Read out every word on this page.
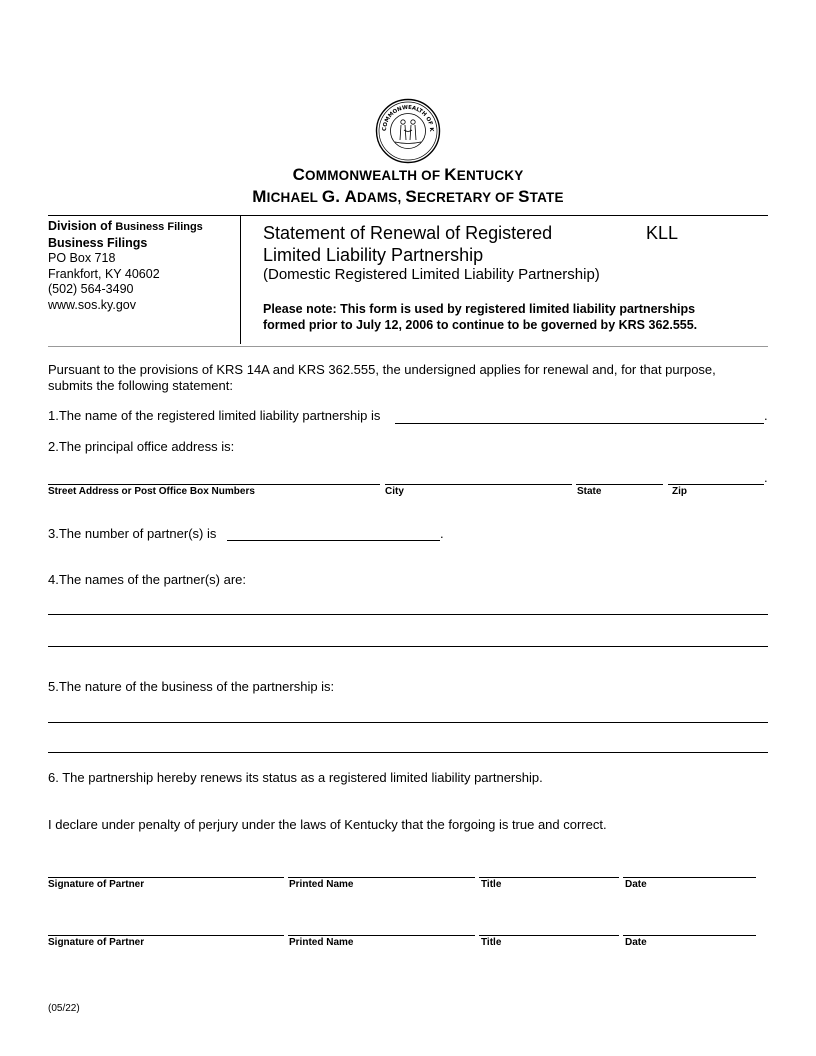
COMMONWEALTH OF K
COMMONWEALTH OF KENTUCKY
MICHAEL G. ADAMS, SECRETARY OF STATE
Division of Business Filings
Business Filings
PO Box 718
Frankfort, KY 40602
(502) 564-3490
www.sos.ky.gov
Statement of Renewal of Registered	KLL
Limited Liability Partnership
(Domestic Registered Limited Liability Partnership)
Please note: This form is used by registered limited liability partnerships
formed prior to July 12, 2006 to continue to be governed by KRS 362.555.
Pursuant to the provisions of KRS 14A and KRS 362.555, the undersigned applies for renewal and, for that purpose,
submits the following statement:
1.The name of the registered limited liability partnership is	.
2.The principal office address is:
.
Street Address or Post Office Box Numbers	City	State	Zip
3.The number of partner(s) is	.
4.The names of the partner(s) are:
5.The nature of the business of the partnership is:
6. The partnership hereby renews its status as a registered limited liability partnership.
I declare under penalty of perjury under the laws of Kentucky that the forgoing is true and correct.
Signature of Partner	Printed Name	Title	Date
Signature of Partner	Printed Name	Title	Date
(05/22)
